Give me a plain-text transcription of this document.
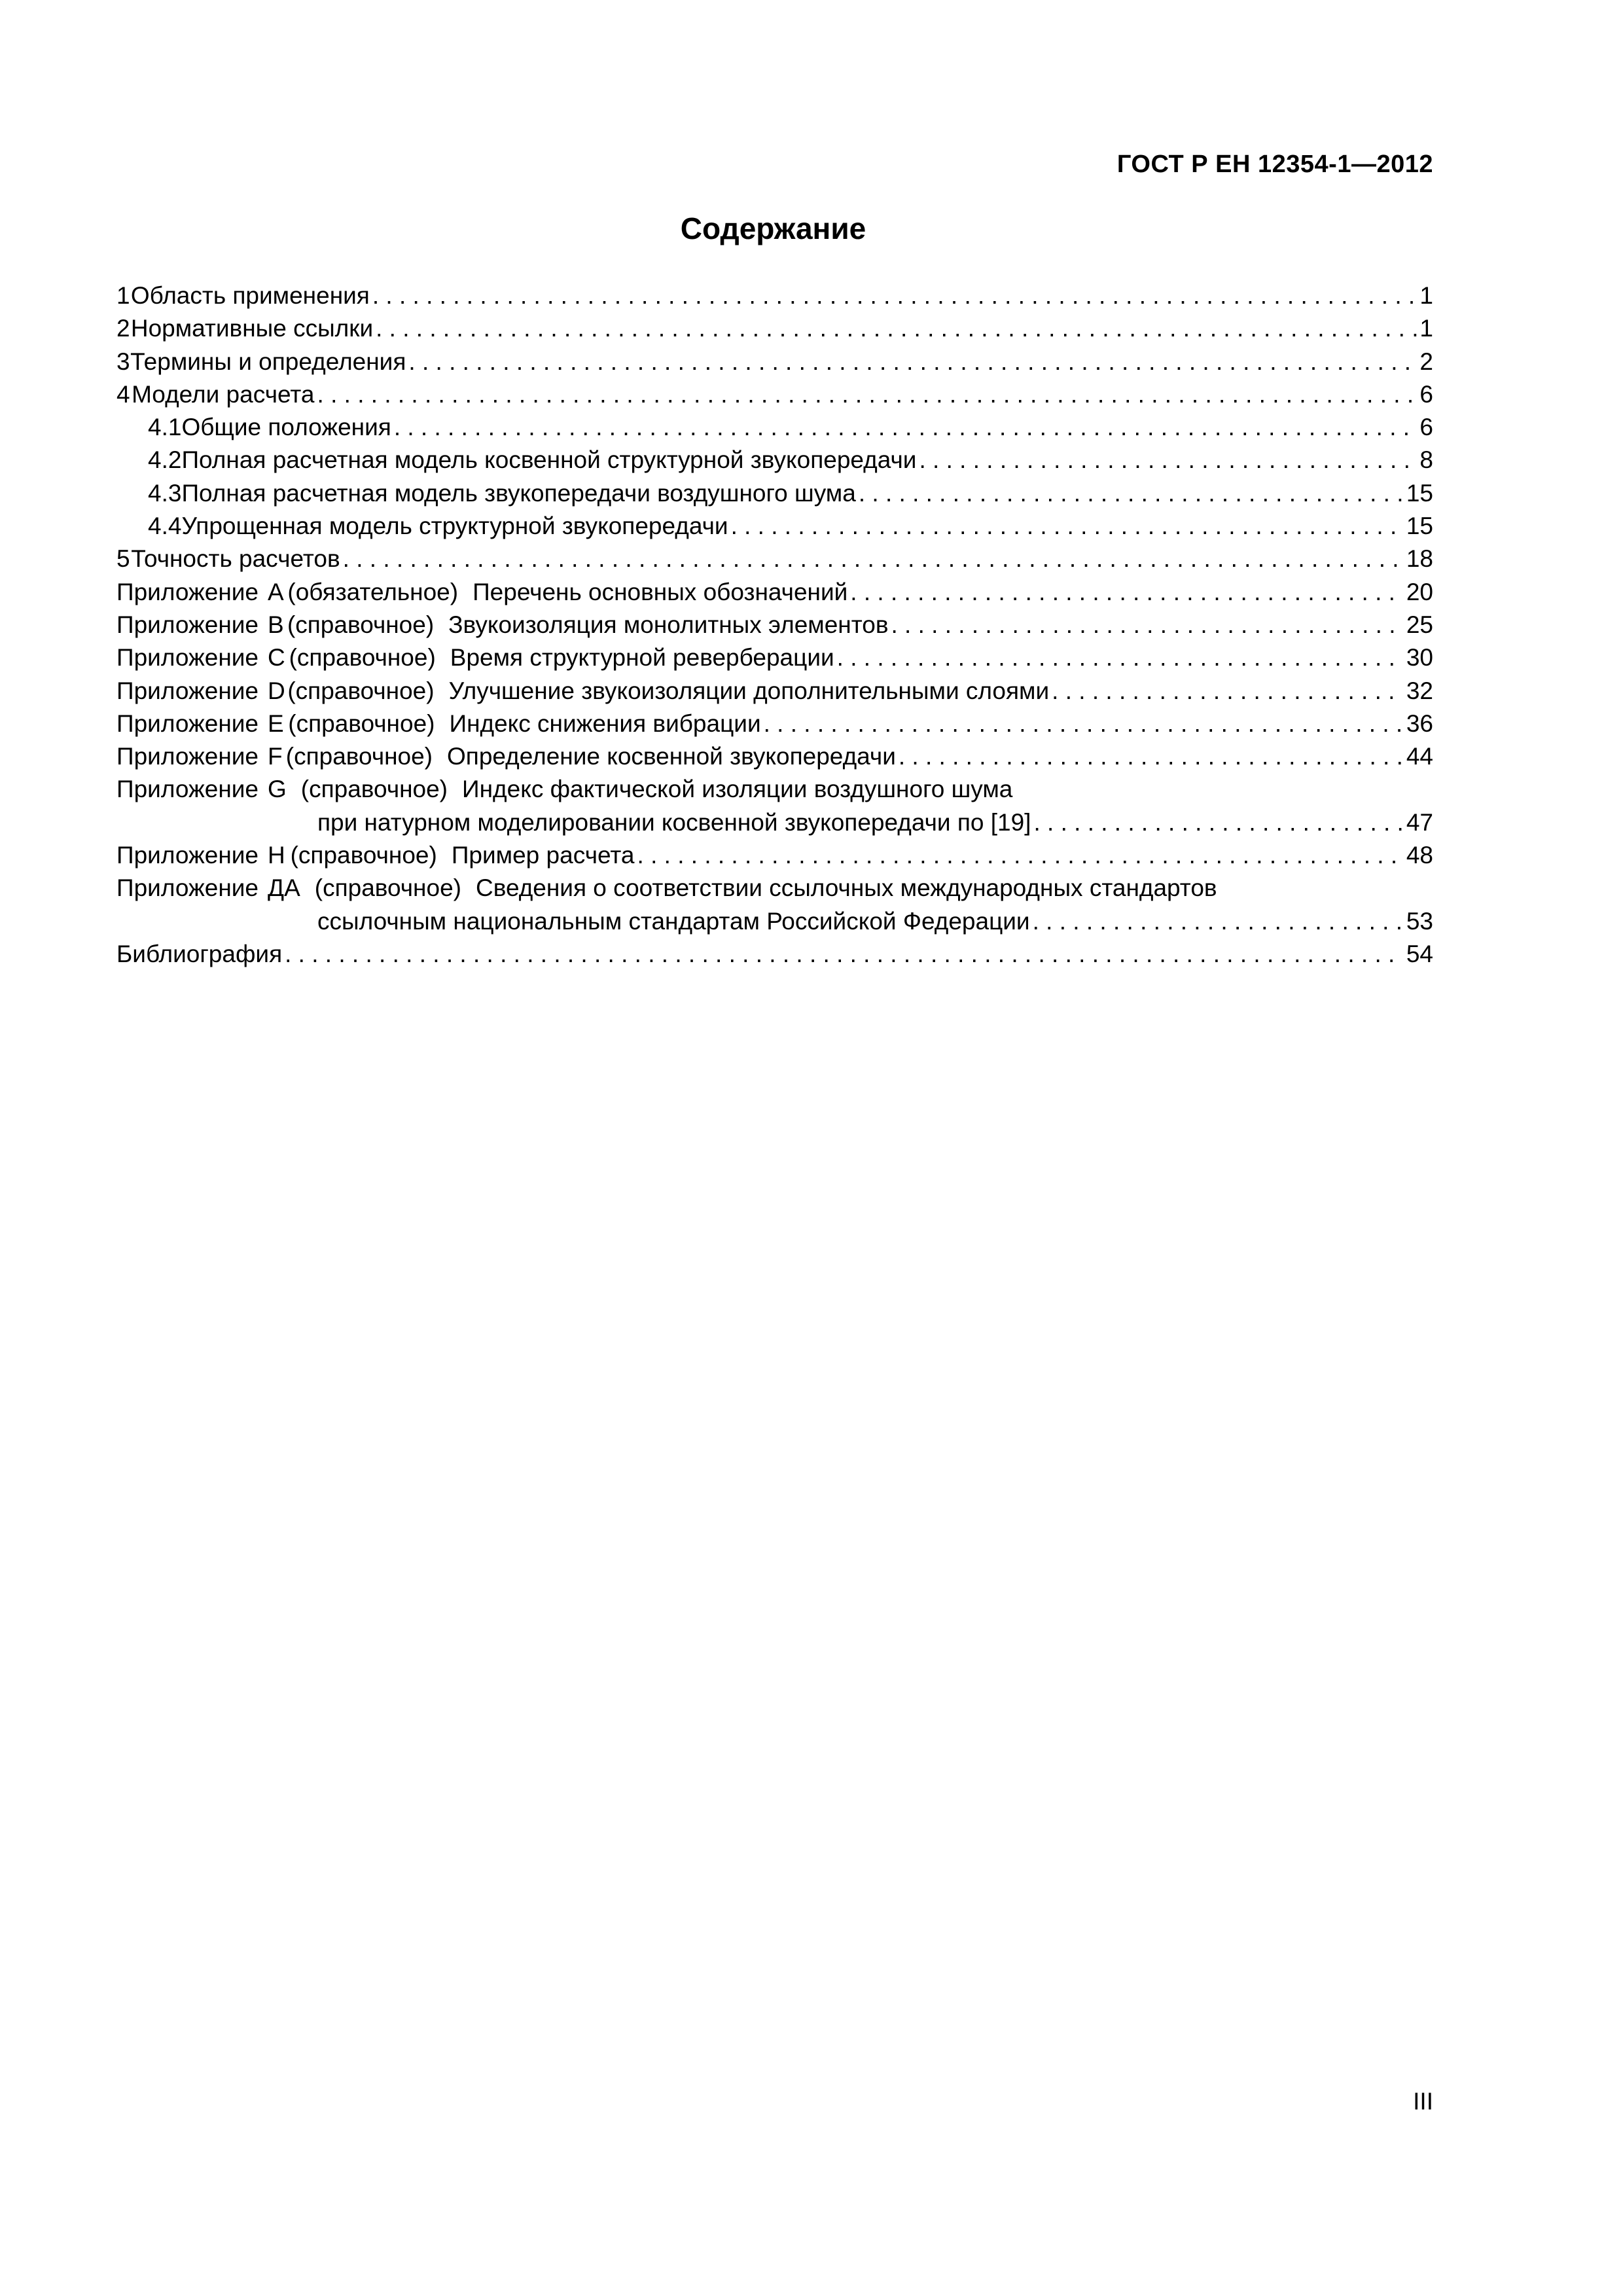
ГОСТ Р ЕН 12354-1—2012
Содержание
1 Область применения . . .	1
2 Нормативные ссылки . . .	1
3 Термины и определения . . .	2
4 Модели расчета . . .	6
4.1 Общие положения . . .	6
4.2 Полная расчетная модель косвенной структурной звукопередачи . . .	8
4.3 Полная расчетная модель звукопередачи воздушного шума . . .	15
4.4 Упрощенная модель структурной звукопередачи . . .	15
5 Точность расчетов . . .	18
Приложение А (обязательное) Перечень основных обозначений . . .	20
Приложение В (справочное) Звукоизоляция монолитных элементов . . .	25
Приложение С (справочное) Время структурной реверберации . . .	30
Приложение D (справочное) Улучшение звукоизоляции дополнительными слоями . . .	32
Приложение Е (справочное) Индекс снижения вибрации . . .	36
Приложение F (справочное) Определение косвенной звукопередачи . . .	44
Приложение G (справочное) Индекс фактической изоляции воздушного шума
при натурном моделировании косвенной звукопередачи по [19] . . .	47
Приложение Н (справочное) Пример расчета . . .	48
Приложение ДА (справочное) Сведения о соответствии ссылочных международных стандартов
ссылочным национальным стандартам Российской Федерации . . .	53
Библиография . . .	54
III
